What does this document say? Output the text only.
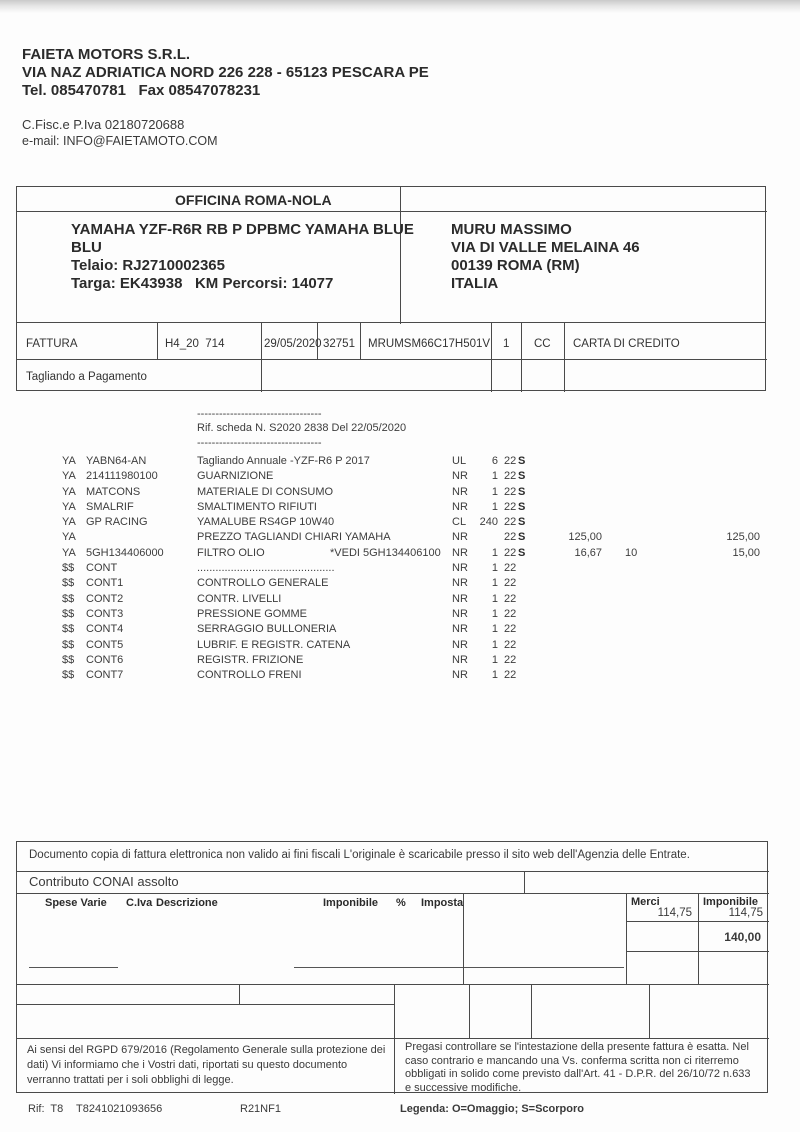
FAIETA MOTORS S.R.L.
VIA NAZ ADRIATICA NORD 226 228 - 65123 PESCARA PE
Tel. 085470781   Fax 08547078231
C.Fisc.e P.Iva 02180720688
e-mail: INFO@FAIETAMOTO.COM
OFFICINA ROMA-NOLA
YAMAHA YZF-R6R RB P DPBMC YAMAHA BLUE
BLU
Telaio: RJ2710002365
Targa: EK43938   KM Percorsi: 14077
MURU MASSIMO
VIA DI VALLE MELAINA 46
00139 ROMA (RM)
ITALIA
FATTURA	H4_20  714	29/05/2020 32751 MRUMSM66C17H501V 1 CC CARTA DI CREDITO
Tagliando a Pagamento
----------------------------------
Rif. scheda N. S2020 2838 Del 22/05/2020
----------------------------------
YA YABN64-AN	Tagliando Annuale -YZF-R6 P 2017	UL	6 22 S
YA 214111980100	GUARNIZIONE	NR	1 22 S
YA MATCONS	MATERIALE DI CONSUMO	NR	1 22 S
YA SMALRIF	SMALTIMENTO RIFIUTI	NR	1 22 S
YA GP RACING	YAMALUBE RS4GP 10W40	CL	240 22 S
YA	PREZZO TAGLIANDI CHIARI YAMAHA	NR	22 S	125,00	125,00
YA 5GH134406000	FILTRO OLIO	*VEDI 5GH134406100 NR	1 22 S	16,67 10	15,00
$$ CONT	.............................................	NR	1 22
$$ CONT1	CONTROLLO GENERALE	NR	1 22
$$ CONT2	CONTR. LIVELLI	NR	1 22
$$ CONT3	PRESSIONE GOMME	NR	1 22
$$ CONT4	SERRAGGIO BULLONERIA	NR	1 22
$$ CONT5	LUBRIF. E REGISTR. CATENA	NR	1 22
$$ CONT6	REGISTR. FRIZIONE	NR	1 22
$$ CONT7	CONTROLLO FRENI	NR	1 22
Documento copia di fattura elettronica non valido ai fini fiscali L'originale è scaricabile presso il sito web dell'Agenzia delle Entrate.
Contributo CONAI assolto
Spese Varie C.Iva Descrizione	Imponibile % Imposta	Merci	Imponibile
114,75	114,75
140,00
Ai sensi del RGPD 679/2016 (Regolamento Generale sulla protezione dei dati) Vi informiamo che i Vostri dati, riportati su questo documento verranno trattati per i soli obblighi di legge.
Pregasi controllare se l'intestazione della presente fattura è esatta. Nel caso contrario e mancando una Vs. conferma scritta non ci riterremo obbligati in solido come previsto dall'Art. 41 - D.P.R. del 26/10/72 n.633 e successive modifiche.
Rif:  T8 T8241021093656	R21NF1	Legenda: O=Omaggio; S=Scorporo
